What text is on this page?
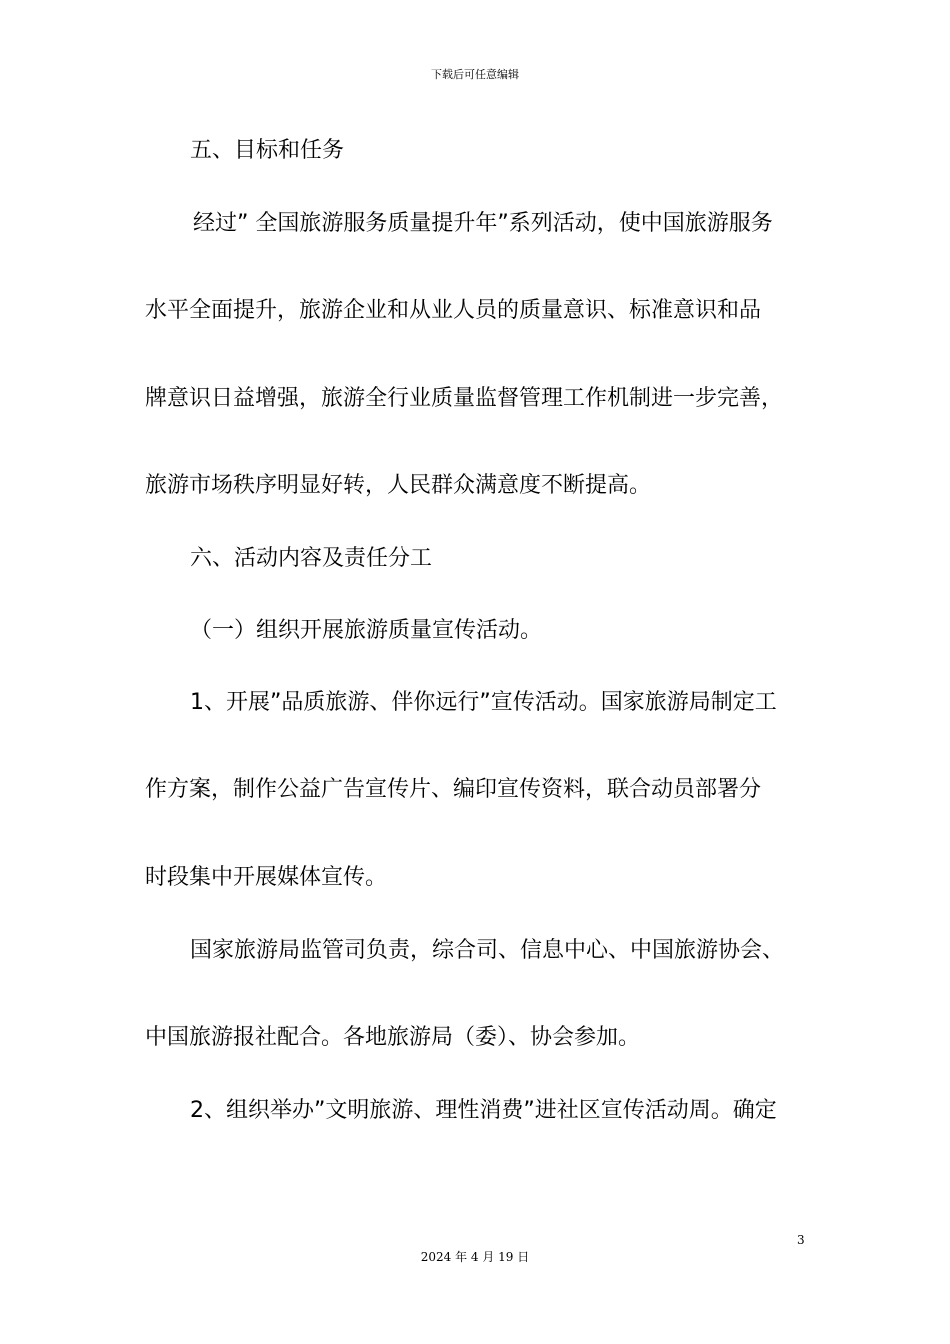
下载后可任意编辑
五、目标和任务
经过” 全国旅游服务质量提升年”系列活动，使中国旅游服务
水平全面提升，旅游企业和从业人员的质量意识、标准意识和品
牌意识日益增强，旅游全行业质量监督管理工作机制进一步完善，
旅游市场秩序明显好转，人民群众满意度不断提高。
六、活动内容及责任分工
（一）组织开展旅游质量宣传活动。
1、开展”品质旅游、伴你远行”宣传活动。国家旅游局制定工
作方案，制作公益广告宣传片、编印宣传资料，联合动员部署分
时段集中开展媒体宣传。
国家旅游局监管司负责，综合司、信息中心、中国旅游协会、
中国旅游报社配合。各地旅游局（委）、协会参加。
2、组织举办”文明旅游、理性消费”进社区宣传活动周。确定
3
2024 年 4 月 19 日
